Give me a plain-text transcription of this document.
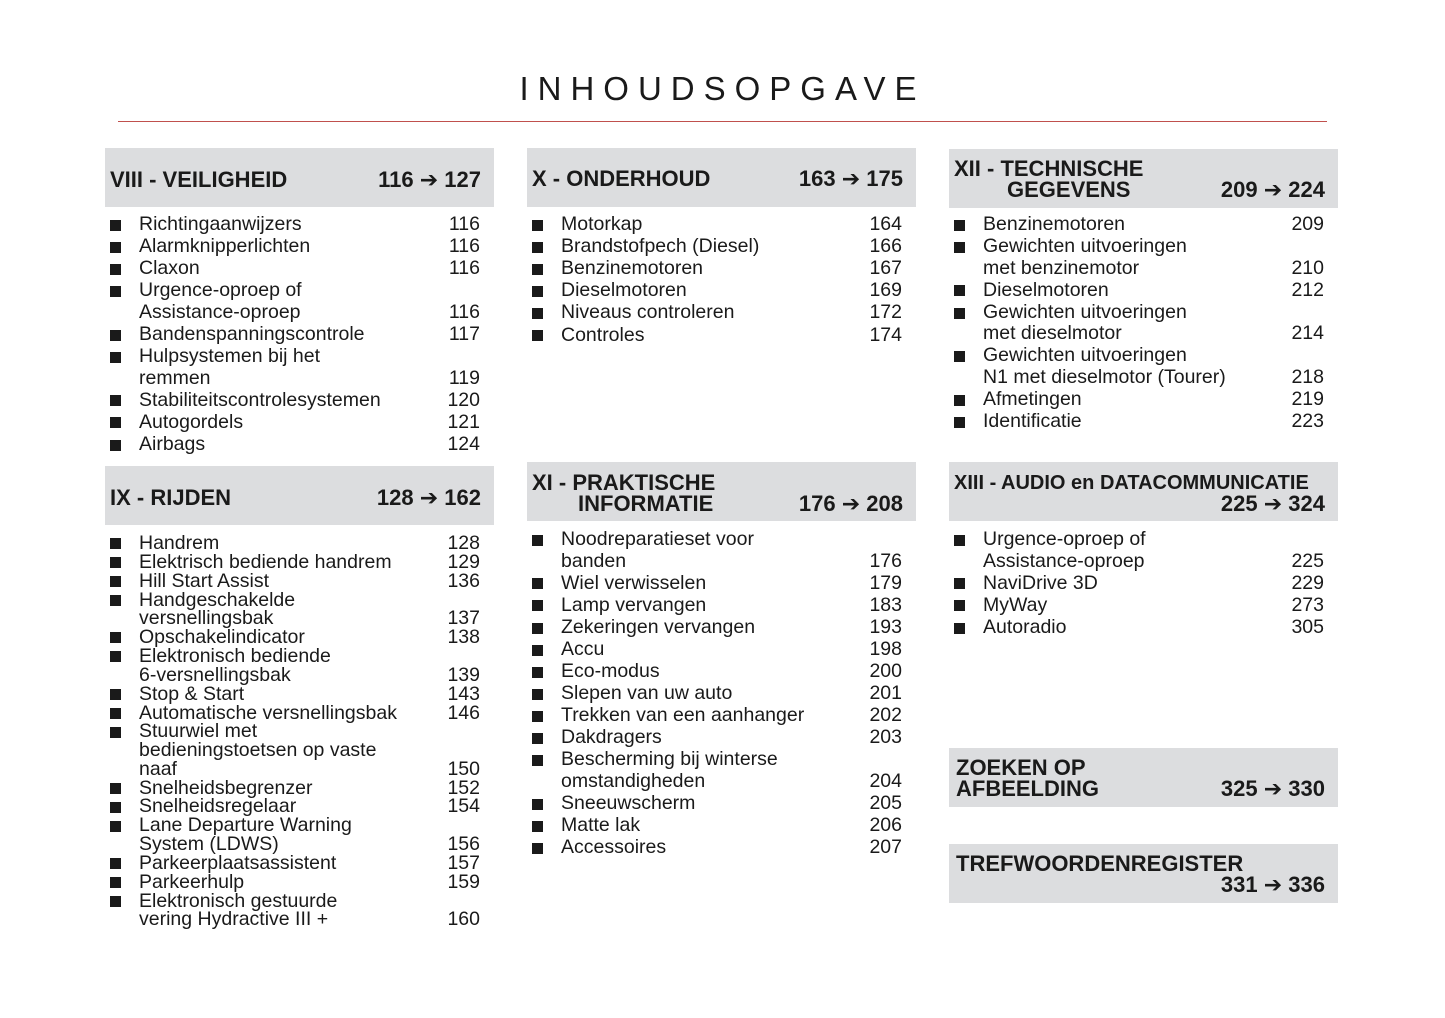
INHOUDSOPGAVE
VIII - VEILIGHEID	116 ➔ 127
Richtingaanwijzers	116
Alarmknipperlichten	116
Claxon	116
Urgence-oproep of
Assistance-oproep	116
Bandenspanningscontrole	117
Hulpsystemen bij het
remmen	119
Stabiliteitscontrolesystemen	120
Autogordels	121
Airbags	124
IX - RIJDEN	128 ➔ 162
Handrem	128
Elektrisch bediende handrem	129
Hill Start Assist	136
Handgeschakelde
versnellingsbak	137
Opschakelindicator	138
Elektronisch bediende
6-versnellingsbak	139
Stop & Start	143
Automatische versnellingsbak	146
Stuurwiel met
bedieningstoetsen op vaste
naaf	150
Snelheidsbegrenzer	152
Snelheidsregelaar	154
Lane Departure Warning
System (LDWS)	156
Parkeerplaatsassistent	157
Parkeerhulp	159
Elektronisch gestuurde
vering Hydractive III +	160
X - ONDERHOUD	163 ➔ 175
Motorkap	164
Brandstofpech (Diesel)	166
Benzinemotoren	167
Dieselmotoren	169
Niveaus controleren	172
Controles	174
XI - PRAKTISCHE
INFORMATIE	176 ➔ 208
Noodreparatieset voor
banden	176
Wiel verwisselen	179
Lamp vervangen	183
Zekeringen vervangen	193
Accu	198
Eco-modus	200
Slepen van uw auto	201
Trekken van een aanhanger	202
Dakdragers	203
Bescherming bij winterse
omstandigheden	204
Sneeuwscherm	205
Matte lak	206
Accessoires	207
XII - TECHNISCHE
GEGEVENS	209 ➔ 224
Benzinemotoren	209
Gewichten uitvoeringen
met benzinemotor	210
Dieselmotoren	212
Gewichten uitvoeringen
met dieselmotor	214
Gewichten uitvoeringen
N1 met dieselmotor (Tourer)	218
Afmetingen	219
Identificatie	223
XIII - AUDIO en DATACOMMUNICATIE
225 ➔ 324
Urgence-oproep of
Assistance-oproep	225
NaviDrive 3D	229
MyWay	273
Autoradio	305
ZOEKEN OP
AFBEELDING	325 ➔ 330
TREFWOORDENREGISTER
331 ➔ 336
